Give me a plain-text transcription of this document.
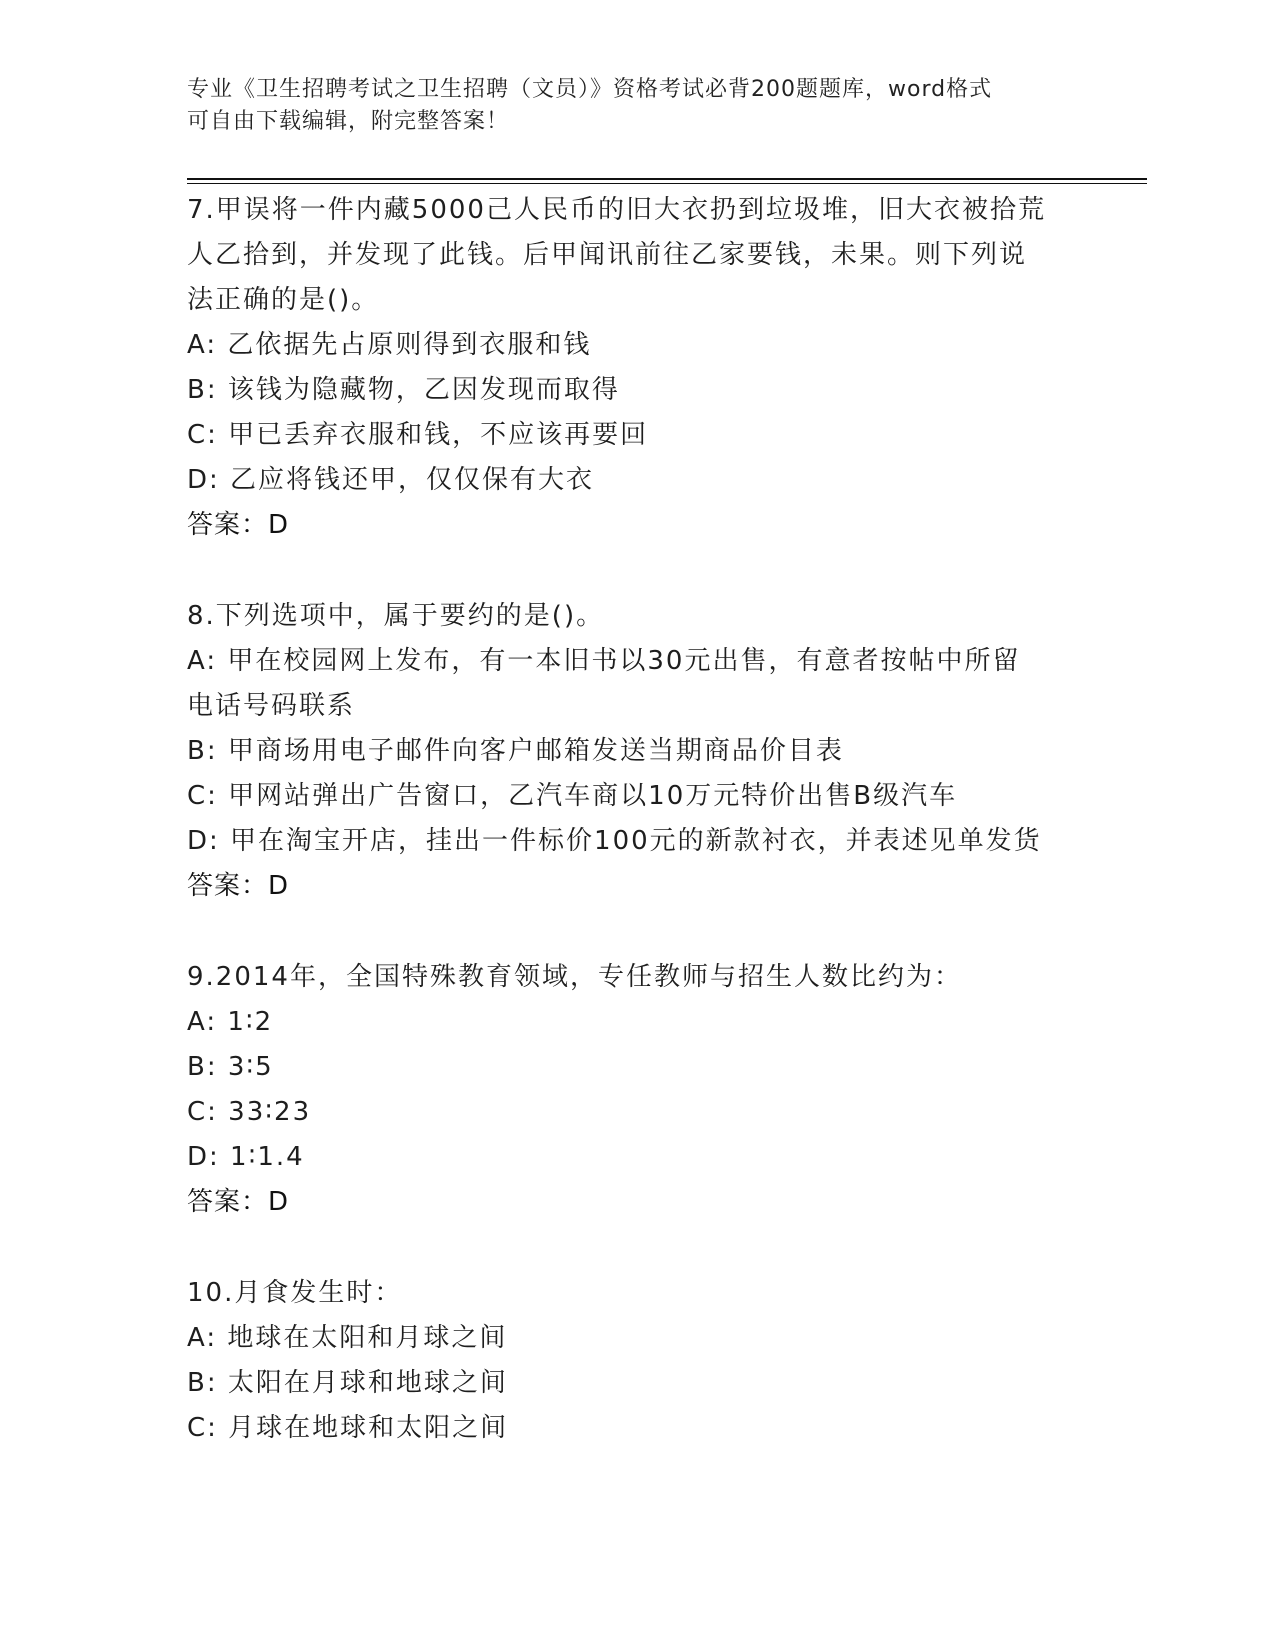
专业《卫生招聘考试之卫生招聘（文员）》资格考试必背200题题库，word格式
可自由下载编辑，附完整答案！
7.甲误将一件内藏5000己人民币的旧大衣扔到垃圾堆，旧大衣被拾荒
人乙拾到，并发现了此钱。后甲闻讯前往乙家要钱，未果。则下列说
法正确的是()。
A: 乙依据先占原则得到衣服和钱
B: 该钱为隐藏物，乙因发现而取得
C: 甲已丢弃衣服和钱，不应该再要回
D: 乙应将钱还甲，仅仅保有大衣
答案：D
8.下列选项中，属于要约的是()。
A: 甲在校园网上发布，有一本旧书以30元出售，有意者按帖中所留
电话号码联系
B: 甲商场用电子邮件向客户邮箱发送当期商品价目表
C: 甲网站弹出广告窗口，乙汽车商以10万元特价出售B级汽车
D: 甲在淘宝开店，挂出一件标价100元的新款衬衣，并表述见单发货
答案：D
9.2014年，全国特殊教育领域，专任教师与招生人数比约为：
A: 1∶2
B: 3∶5
C: 33∶23
D: 1∶1.4
答案：D
10.月食发生时：
A: 地球在太阳和月球之间
B: 太阳在月球和地球之间
C: 月球在地球和太阳之间
